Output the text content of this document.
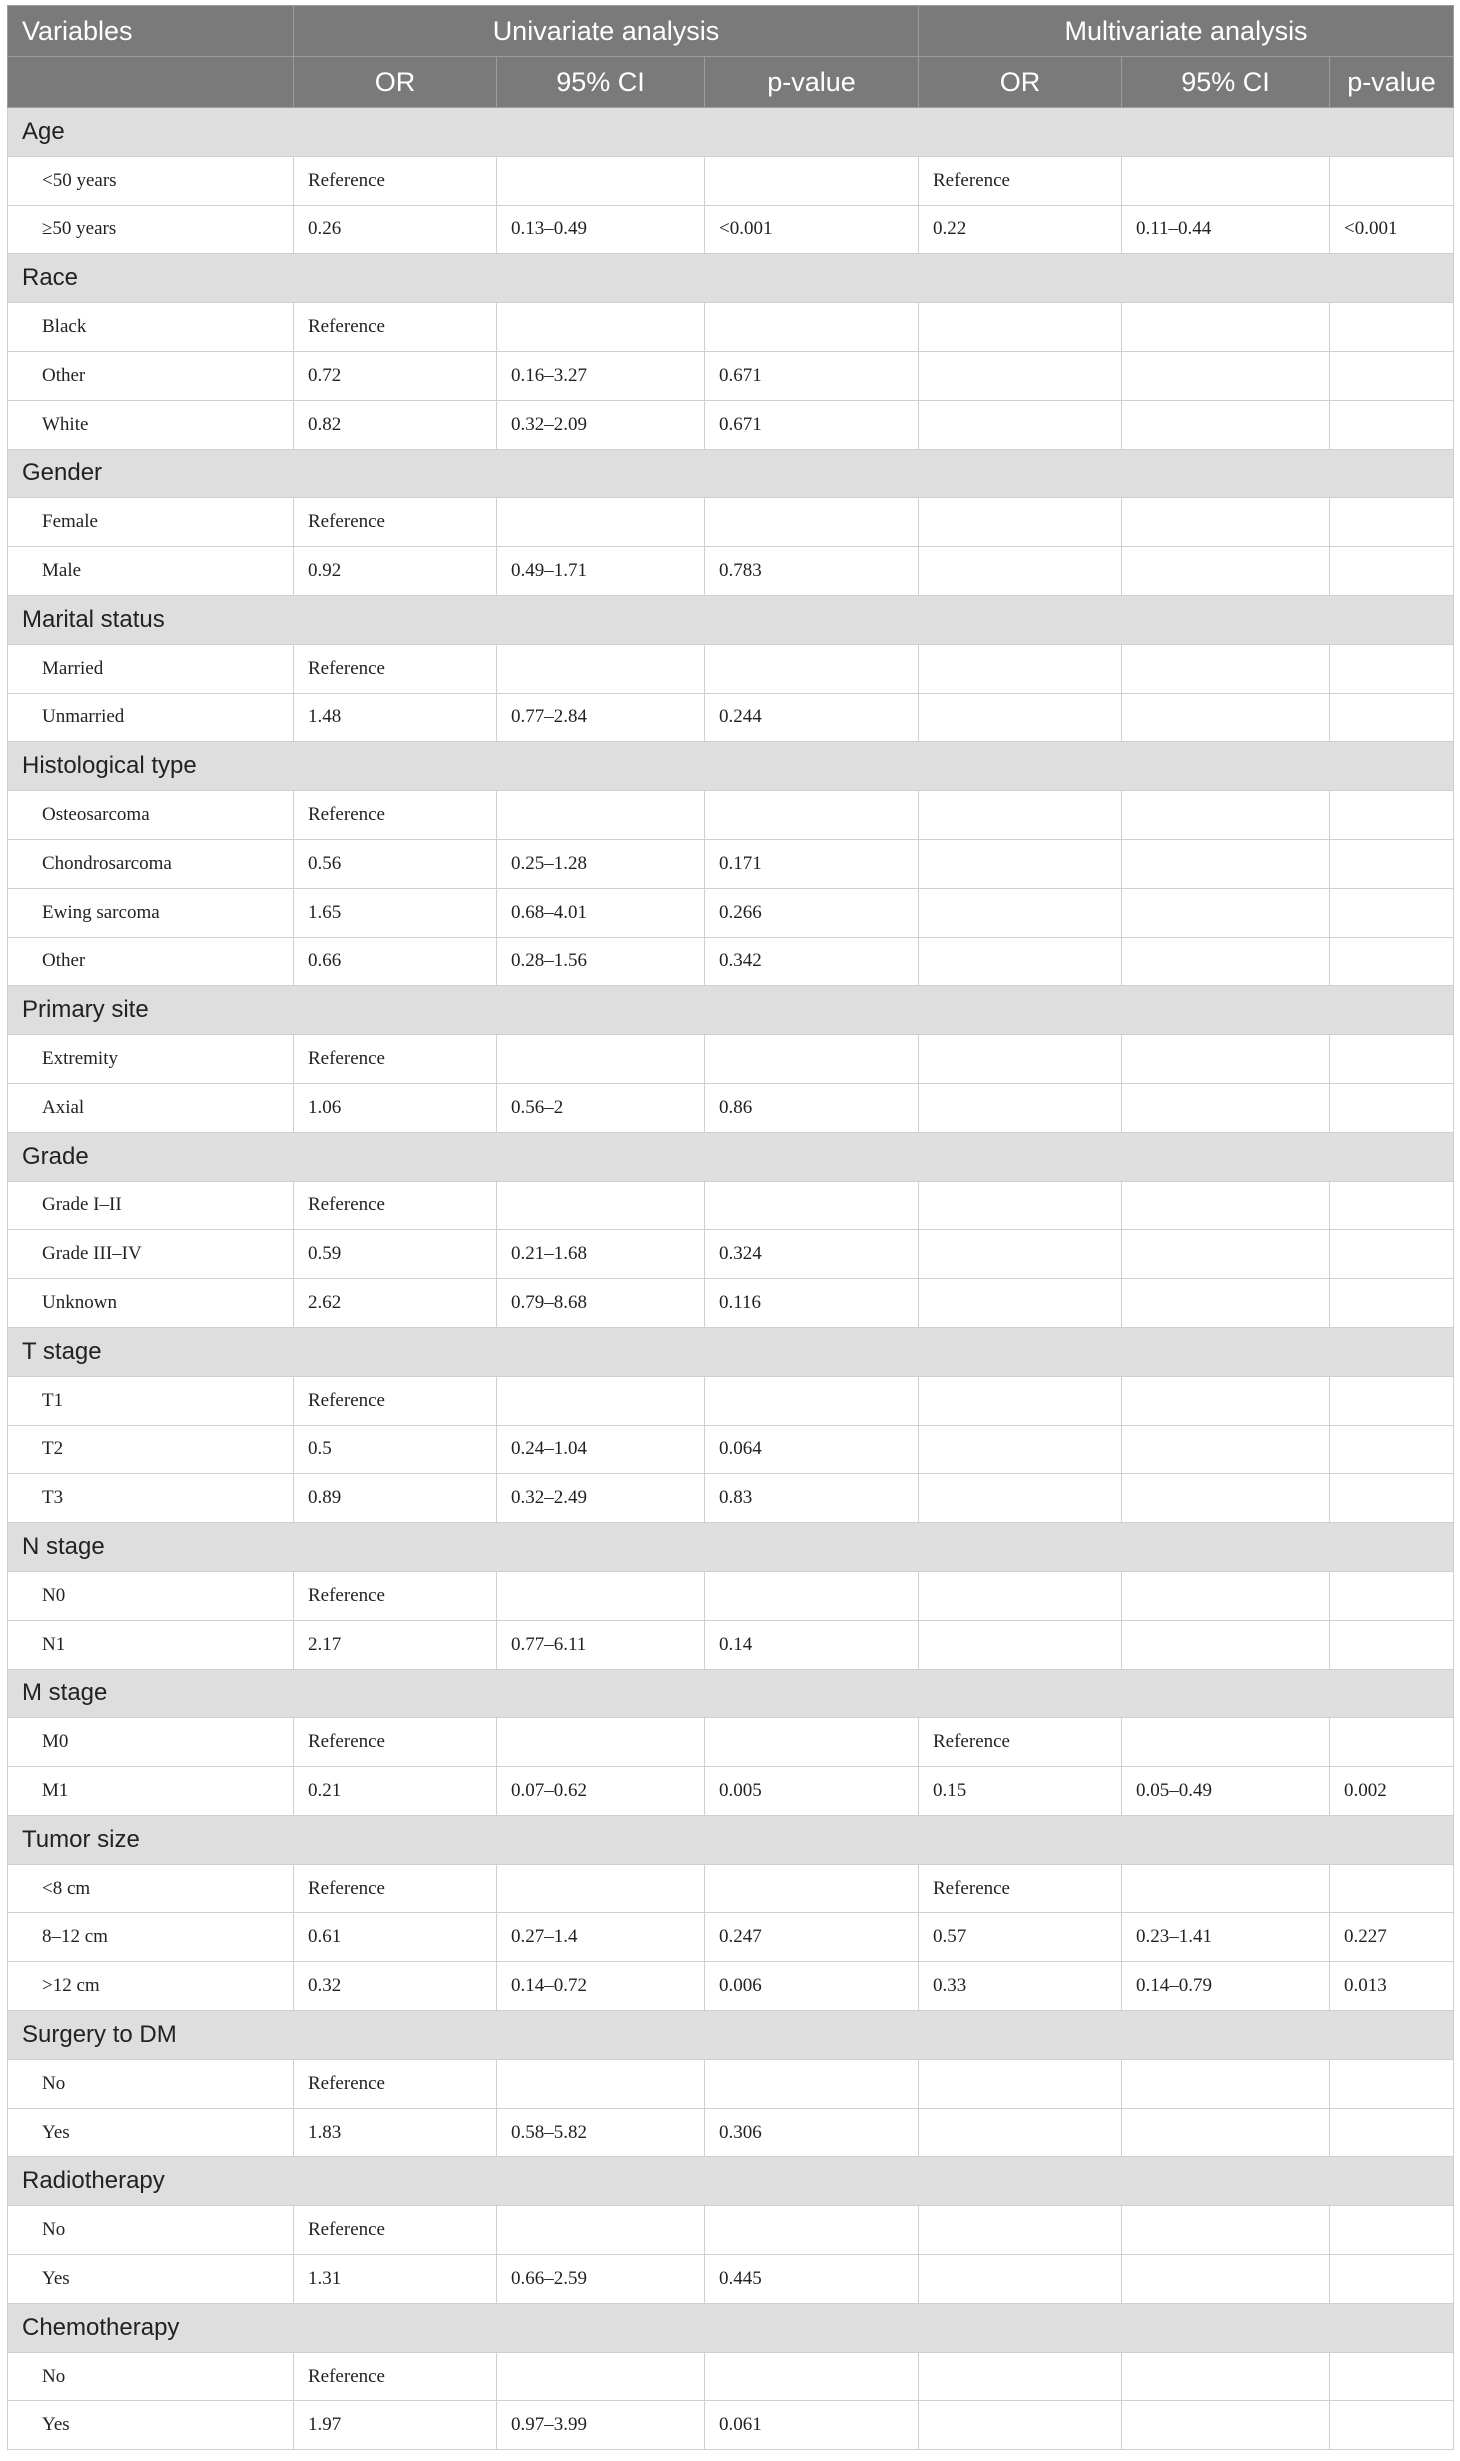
Variables	Univariate analysis			Multivariate analysis		
	OR	95% CI	p-value	OR	95% CI	p-value
Age						
<50 years	Reference			Reference		
≥50 years	0.26	0.13–0.49	<0.001	0.22	0.11–0.44	<0.001
Race						
Black	Reference					
Other	0.72	0.16–3.27	0.671			
White	0.82	0.32–2.09	0.671			
Gender						
Female	Reference					
Male	0.92	0.49–1.71	0.783			
Marital status						
Married	Reference					
Unmarried	1.48	0.77–2.84	0.244			
Histological type						
Osteosarcoma	Reference					
Chondrosarcoma	0.56	0.25–1.28	0.171			
Ewing sarcoma	1.65	0.68–4.01	0.266			
Other	0.66	0.28–1.56	0.342			
Primary site						
Extremity	Reference					
Axial	1.06	0.56–2	0.86			
Grade						
Grade I–II	Reference					
Grade III–IV	0.59	0.21–1.68	0.324			
Unknown	2.62	0.79–8.68	0.116			
T stage						
T1	Reference					
T2	0.5	0.24–1.04	0.064			
T3	0.89	0.32–2.49	0.83			
N stage						
N0	Reference					
N1	2.17	0.77–6.11	0.14			
M stage						
M0	Reference			Reference		
M1	0.21	0.07–0.62	0.005	0.15	0.05–0.49	0.002
Tumor size						
<8 cm	Reference			Reference		
8–12 cm	0.61	0.27–1.4	0.247	0.57	0.23–1.41	0.227
>12 cm	0.32	0.14–0.72	0.006	0.33	0.14–0.79	0.013
Surgery to DM						
No	Reference					
Yes	1.83	0.58–5.82	0.306			
Radiotherapy						
No	Reference					
Yes	1.31	0.66–2.59	0.445			
Chemotherapy						
No	Reference					
Yes	1.97	0.97–3.99	0.061			
